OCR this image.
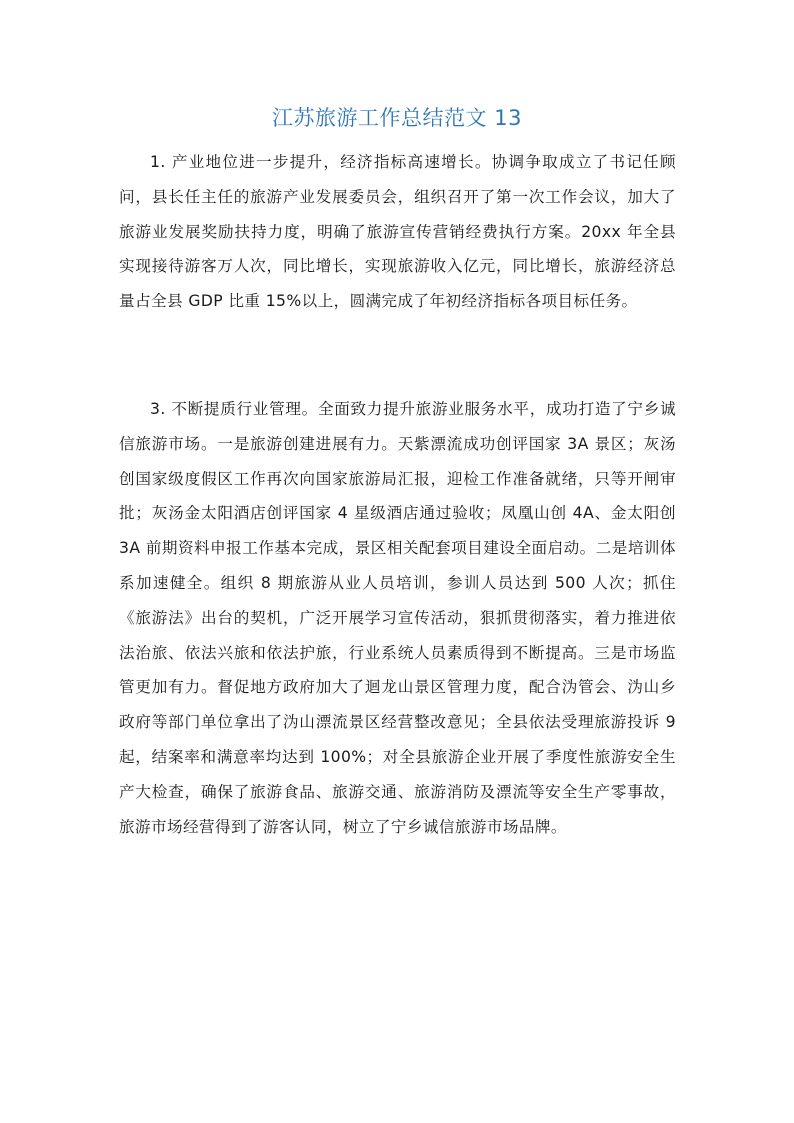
江苏旅游工作总结范文 13

1. 产业地位进一步提升，经济指标高速增长。协调争取成立了书记任顾问，县长任主任的旅游产业发展委员会，组织召开了第一次工作会议，加大了旅游业发展奖励扶持力度，明确了旅游宣传营销经费执行方案。20xx 年全县实现接待游客万人次，同比增长，实现旅游收入亿元，同比增长，旅游经济总量占全县 GDP 比重 15%以上，圆满完成了年初经济指标各项目标任务。

3. 不断提质行业管理。全面致力提升旅游业服务水平，成功打造了宁乡诚信旅游市场。一是旅游创建进展有力。天紫漂流成功创评国家 3A 景区；灰汤创国家级度假区工作再次向国家旅游局汇报，迎检工作准备就绪，只等开闸审批；灰汤金太阳酒店创评国家 4 星级酒店通过验收；凤凰山创 4A、金太阳创 3A 前期资料申报工作基本完成，景区相关配套项目建设全面启动。二是培训体系加速健全。组织 8 期旅游从业人员培训，参训人员达到 500 人次；抓住《旅游法》出台的契机，广泛开展学习宣传活动，狠抓贯彻落实，着力推进依法治旅、依法兴旅和依法护旅，行业系统人员素质得到不断提高。三是市场监管更加有力。督促地方政府加大了迴龙山景区管理力度，配合沩管会、沩山乡政府等部门单位拿出了沩山漂流景区经营整改意见；全县依法受理旅游投诉 9 起，结案率和满意率均达到 100%；对全县旅游企业开展了季度性旅游安全生产大检查，确保了旅游食品、旅游交通、旅游消防及漂流等安全生产零事故，旅游市场经营得到了游客认同，树立了宁乡诚信旅游市场品牌。
